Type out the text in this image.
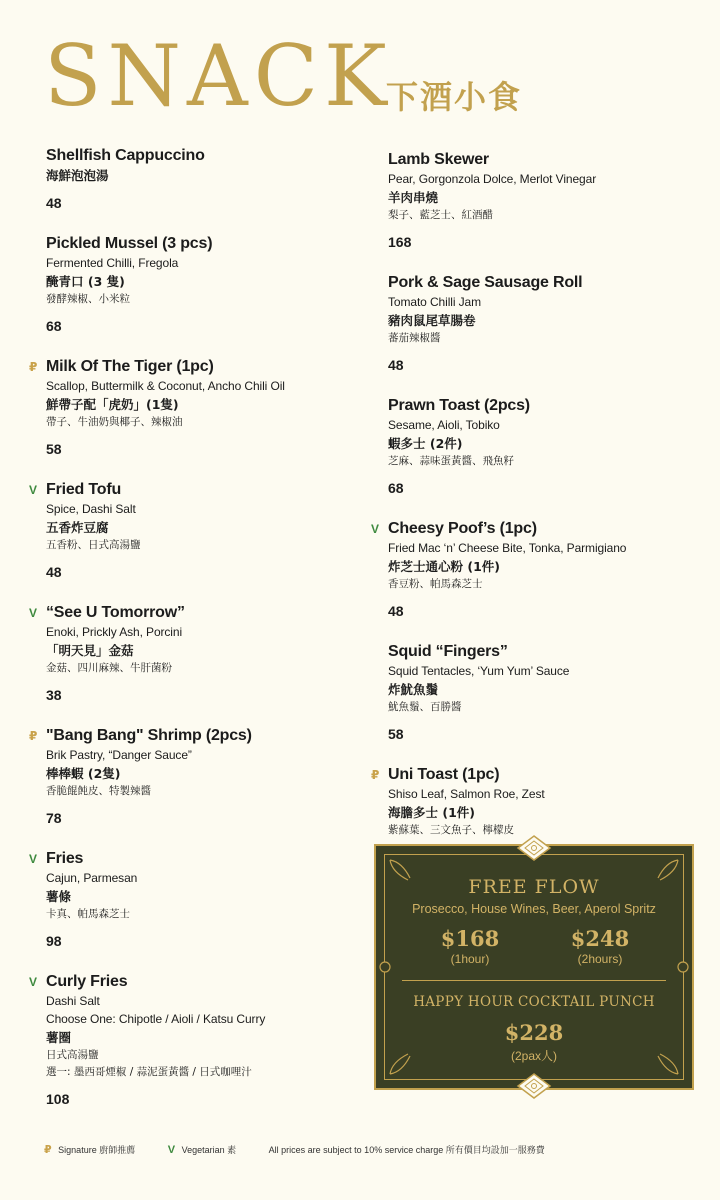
SNACK
下酒小食
Shellfish Cappuccino
海鮮泡泡湯
48
Pickled Mussel (3 pcs)
Fermented Chilli, Fregola
醃青口 (3 隻)
發酵辣椒、小米粒
68
₽ Milk Of The Tiger (1pc)
Scallop, Buttermilk & Coconut, Ancho Chili Oil
鮮帶子配「虎奶」(1隻)
帶子、牛油奶與椰子、辣椒油
58
V Fried Tofu
Spice, Dashi Salt
五香炸豆腐
五香粉、日式高湯鹽
48
V “See U Tomorrow”
Enoki, Prickly Ash, Porcini
「明天見」金菇
金菇、四川麻辣、牛肝菌粉
38
₽ "Bang Bang" Shrimp (2pcs)
Brik Pastry, “Danger Sauce”
棒棒蝦 (2隻)
香脆餛飩皮、特製辣醬
78
V Fries
Cajun, Parmesan
薯條
卡真、帕馬森芝士
98
V Curly Fries
Dashi Salt
Choose One: Chipotle / Aioli / Katsu Curry
薯圈
日式高湯鹽
選一: 墨西哥煙椒 / 蒜泥蛋黃醬 / 日式咖哩汁
108
Lamb Skewer
Pear, Gorgonzola Dolce, Merlot Vinegar
羊肉串燒
梨子、藍芝士、紅酒醋
168
Pork & Sage Sausage Roll
Tomato Chilli Jam
豬肉鼠尾草腸卷
蕃茄辣椒醬
48
Prawn Toast (2pcs)
Sesame, Aioli, Tobiko
蝦多士 (2件)
芝麻、蒜味蛋黃醬、飛魚籽
68
V Cheesy Poof’s (1pc)
Fried Mac ‘n’ Cheese Bite, Tonka, Parmigiano
炸芝士通心粉 (1件)
香豆粉、帕馬森芝士
48
Squid “Fingers”
Squid Tentacles, ‘Yum Yum’ Sauce
炸魷魚鬚
魷魚鬚、百勝醬
58
₽ Uni Toast (1pc)
Shiso Leaf, Salmon Roe, Zest
海膽多士 (1件)
紫蘇葉、三文魚子、檸檬皮
FREE FLOW
Prosecco, House Wines, Beer, Aperol Spritz
$168
(1hour)
$248
(2hours)
HAPPY HOUR COCKTAIL PUNCH
$228
(2pax人)
₽ Signature 廚師推薦	V Vegetarian 素	All prices are subject to 10% service charge 所有價目均設加一服務費
